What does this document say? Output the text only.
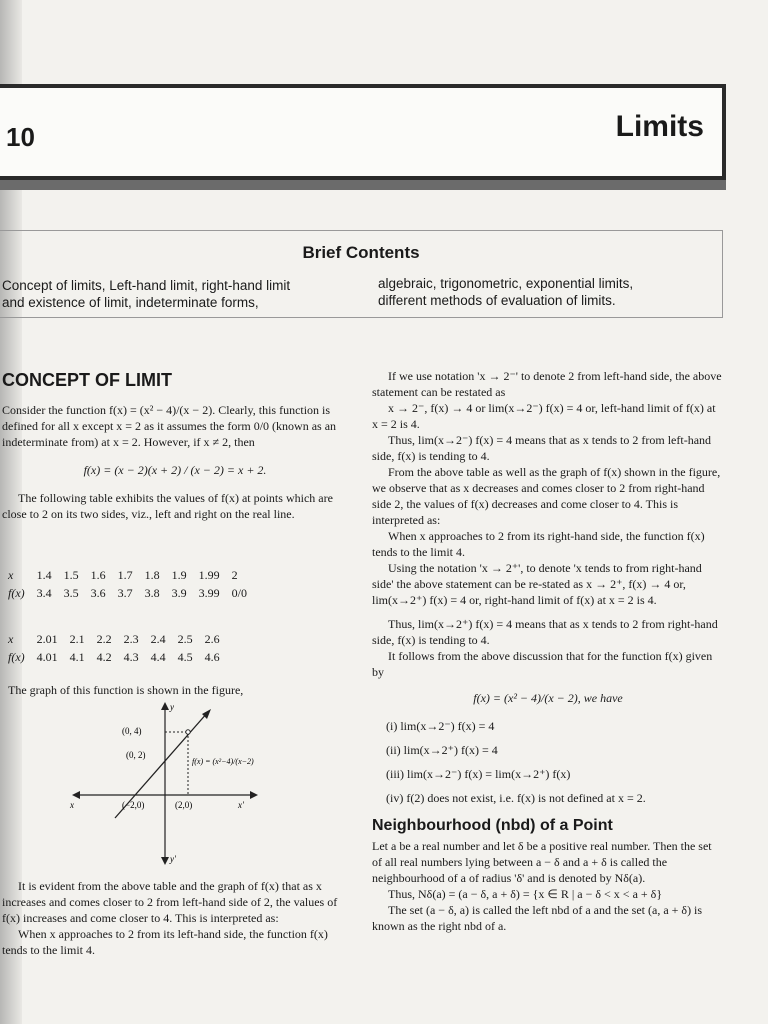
10	Limits
Brief Contents
Concept of limits, Left-hand limit, right-hand limit
and existence of limit, indeterminate forms,
algebraic, trigonometric, exponential limits,
different methods of evaluation of limits.
CONCEPT OF LIMIT

Consider the function f(x) = (x² − 4)/(x − 2). Clearly, this function is defined for all x except x = 2 as it assumes the form 0/0 (known as an indeterminate from) at x = 2. However, if x ≠ 2, then

f(x) = (x − 2)(x + 2) / (x − 2) = x + 2.

The following table exhibits the values of f(x) at points which are close to 2 on its two sides, viz., left and right on the real line.

x	1.4	1.5	1.6	1.7	1.8	1.9	1.99	2
f(x)	3.4	3.5	3.6	3.7	3.8	3.9	3.99	0/0
x	2.01	2.1	2.2	2.3	2.4	2.5	2.6
f(x)	4.01	4.1	4.2	4.3	4.4	4.5	4.6

The graph of this function is shown in the figure,

y
y'
x	x'
(0, 4)
(0, 2)
(−2,0)	(2,0)
f(x) = (x²−4)/(x−2)

It is evident from the above table and the graph of f(x) that as x increases and comes closer to 2 from left-hand side of 2, the values of f(x) increases and come closer to 4. This is interpreted as:

When x approaches to 2 from its left-hand side, the function f(x) tends to the limit 4.

If we use notation 'x → 2⁻' to denote 2 from left-hand side, the above statement can be restated as

x → 2⁻, f(x) → 4 or lim(x→2⁻) f(x) = 4 or, left-hand limit of f(x) at x = 2 is 4.

Thus, lim(x→2⁻) f(x) = 4 means that as x tends to 2 from left-hand side, f(x) is tending to 4.

From the above table as well as the graph of f(x) shown in the figure, we observe that as x decreases and comes closer to 2 from right-hand side 2, the values of f(x) decreases and come closer to 4. This is interpreted as:

When x approaches to 2 from its right-hand side, the function f(x) tends to the limit 4.

Using the notation 'x → 2⁺', to denote 'x tends to from right-hand side' the above statement can be re-stated as x → 2⁺, f(x) → 4 or, lim(x→2⁺) f(x) = 4 or, right-hand limit of f(x) at x = 2 is 4.

Thus, lim(x→2⁺) f(x) = 4 means that as x tends to 2 from right-hand side, f(x) is tending to 4.

It follows from the above discussion that for the function f(x) given by

f(x) = (x² − 4)/(x − 2), we have

(i) lim(x→2⁻) f(x) = 4

(ii) lim(x→2⁺) f(x) = 4

(iii) lim(x→2⁻) f(x) = lim(x→2⁺) f(x)

(iv) f(2) does not exist, i.e. f(x) is not defined at x = 2.

Neighbourhood (nbd) of a Point

Let a be a real number and let δ be a positive real number. Then the set of all real numbers lying between a − δ and a + δ is called the neighbourhood of a of radius 'δ' and is denoted by Nδ(a).

Thus, Nδ(a) = (a − δ, a + δ) = {x ∈ R | a − δ < x < a + δ}

The set (a − δ, a) is called the left nbd of a and the set (a, a + δ) is known as the right nbd of a.
